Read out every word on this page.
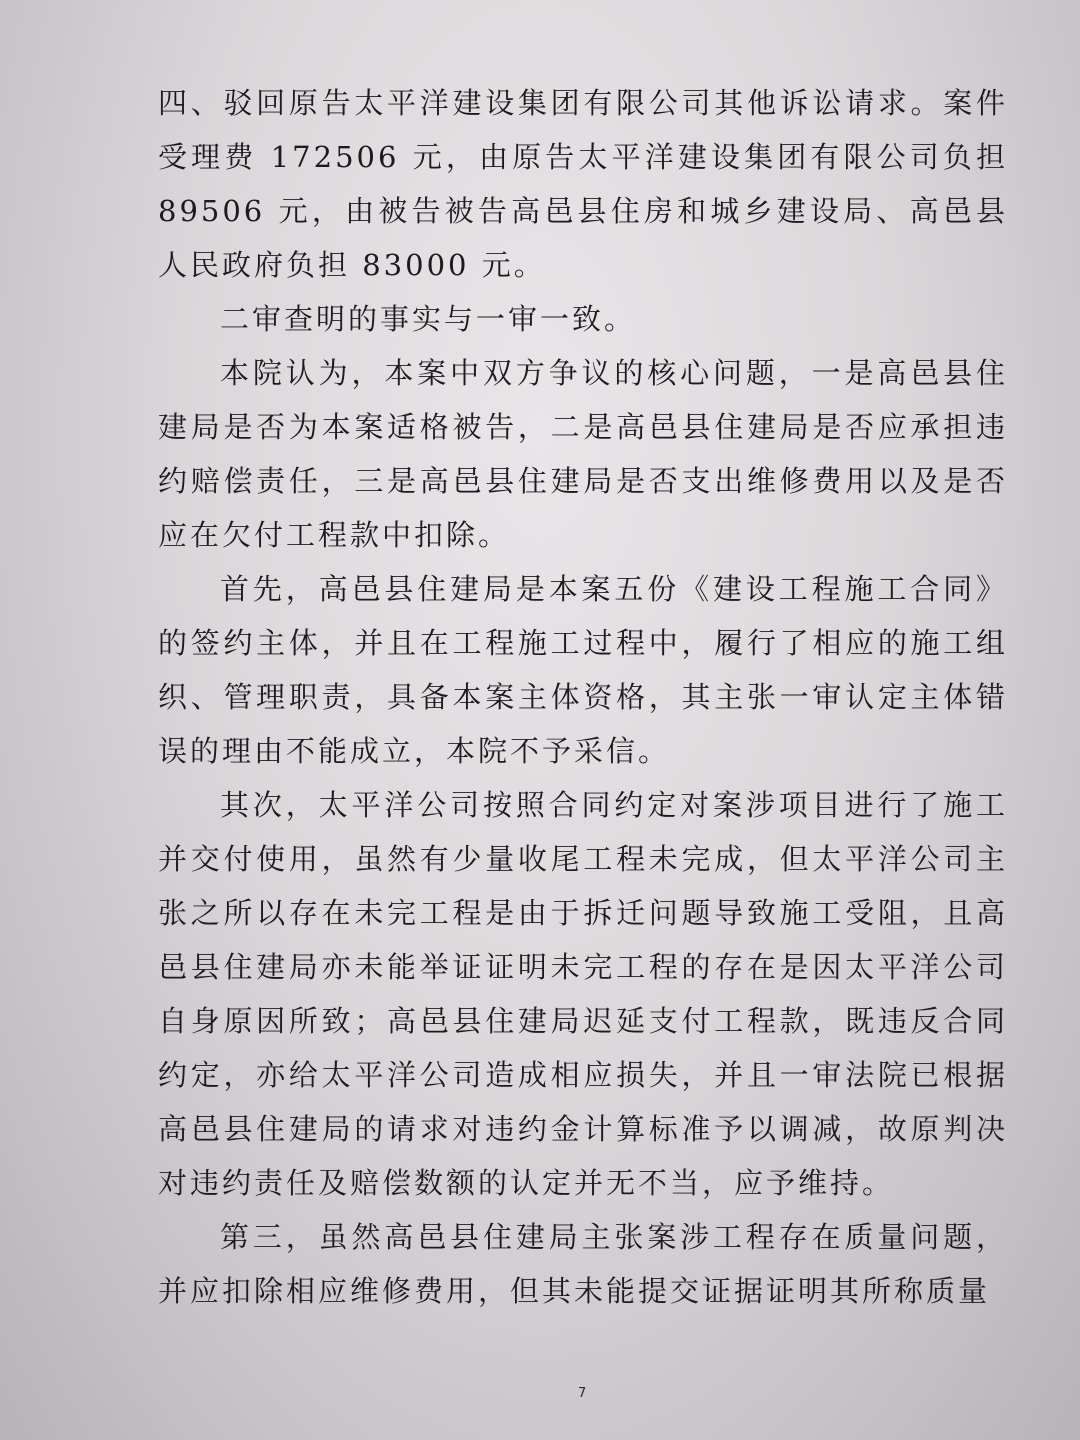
四、驳回原告太平洋建设集团有限公司其他诉讼请求。案件受理费 172506 元，由原告太平洋建设集团有限公司负担 89506 元，由被告被告高邑县住房和城乡建设局、高邑县人民政府负担 83000 元。

二审查明的事实与一审一致。

本院认为，本案中双方争议的核心问题，一是高邑县住建局是否为本案适格被告，二是高邑县住建局是否应承担违约赔偿责任，三是高邑县住建局是否支出维修费用以及是否应在欠付工程款中扣除。

首先，高邑县住建局是本案五份《建设工程施工合同》的签约主体，并且在工程施工过程中，履行了相应的施工组织、管理职责，具备本案主体资格，其主张一审认定主体错误的理由不能成立，本院不予采信。

其次，太平洋公司按照合同约定对案涉项目进行了施工并交付使用，虽然有少量收尾工程未完成，但太平洋公司主张之所以存在未完工程是由于拆迁问题导致施工受阻，且高邑县住建局亦未能举证证明未完工程的存在是因太平洋公司自身原因所致；高邑县住建局迟延支付工程款，既违反合同约定，亦给太平洋公司造成相应损失，并且一审法院已根据高邑县住建局的请求对违约金计算标准予以调减，故原判决对违约责任及赔偿数额的认定并无不当，应予维持。

第三，虽然高邑县住建局主张案涉工程存在质量问题，并应扣除相应维修费用，但其未能提交证据证明其所称质量

7
